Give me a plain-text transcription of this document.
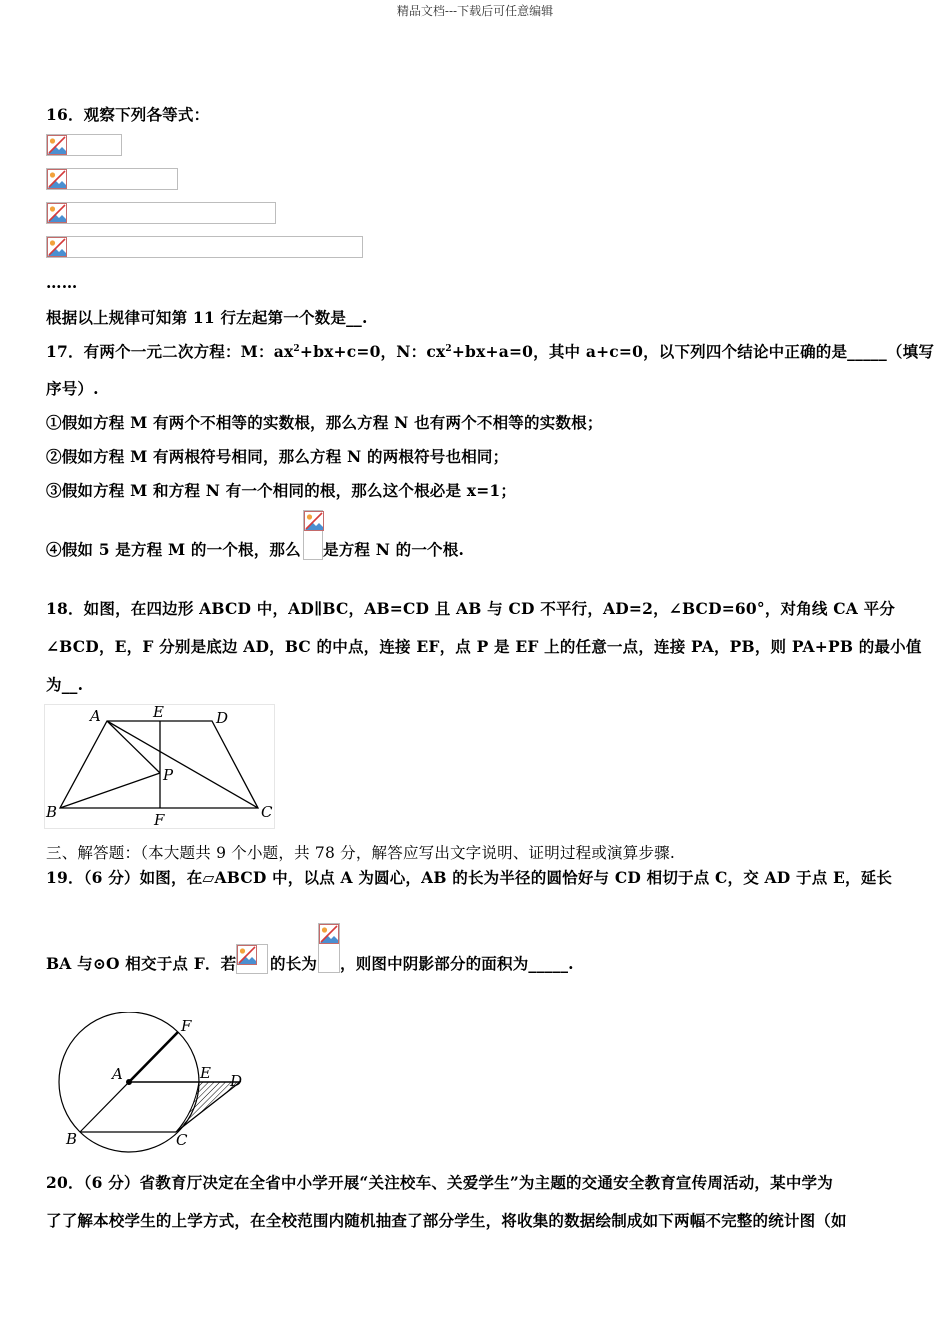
精品文档---下载后可任意编辑
16．观察下列各等式：
……
根据以上规律可知第 11 行左起第一个数是__.
17．有两个一元二次方程：M：$ax^2+bx+c=0$，N：$cx^2+bx+a=0$，其中 a+c=0，以下列四个结论中正确的是_____（填写
序号）.
①假如方程 M 有两个不相等的实数根，那么方程 N 也有两个不相等的实数根；
②假如方程 M 有两根符号相同，那么方程 N 的两根符号也相同；
③假如方程 M 和方程 N 有一个相同的根，那么这个根必是 x=1；
④假如 5 是方程 M 的一个根，那么 是方程 N 的一个根.
18．如图，在四边形 ABCD 中，AD∥BC，AB=CD 且 AB 与 CD 不平行，AD=2，∠BCD=60°，对角线 CA 平分
∠BCD，E，F 分别是底边 AD，BC 的中点，连接 EF，点 P 是 EF 上的任意一点，连接 PA，PB，则 PA+PB 的最小值
为__.
A	E	D
P
B	F	C
三、解答题：（本大题共 9 个小题，共 78 分，解答应写出文字说明、证明过程或演算步骤.
19．（6 分）如图，在▱ABCD 中，以点 A 为圆心，AB 的长为半径的圆恰好与 CD 相切于点 C，交 AD 于点 E，延长
BA 与⊙O 相交于点 F．若 的长为 ，则图中阴影部分的面积为_____.
F
A	E D
B	C
20．（6 分）省教育厅决定在全省中小学开展“关注校车、关爱学生”为主题的交通安全教育宣传周活动，某中学为
了了解本校学生的上学方式，在全校范围内随机抽查了部分学生，将收集的数据绘制成如下两幅不完整的统计图（如
